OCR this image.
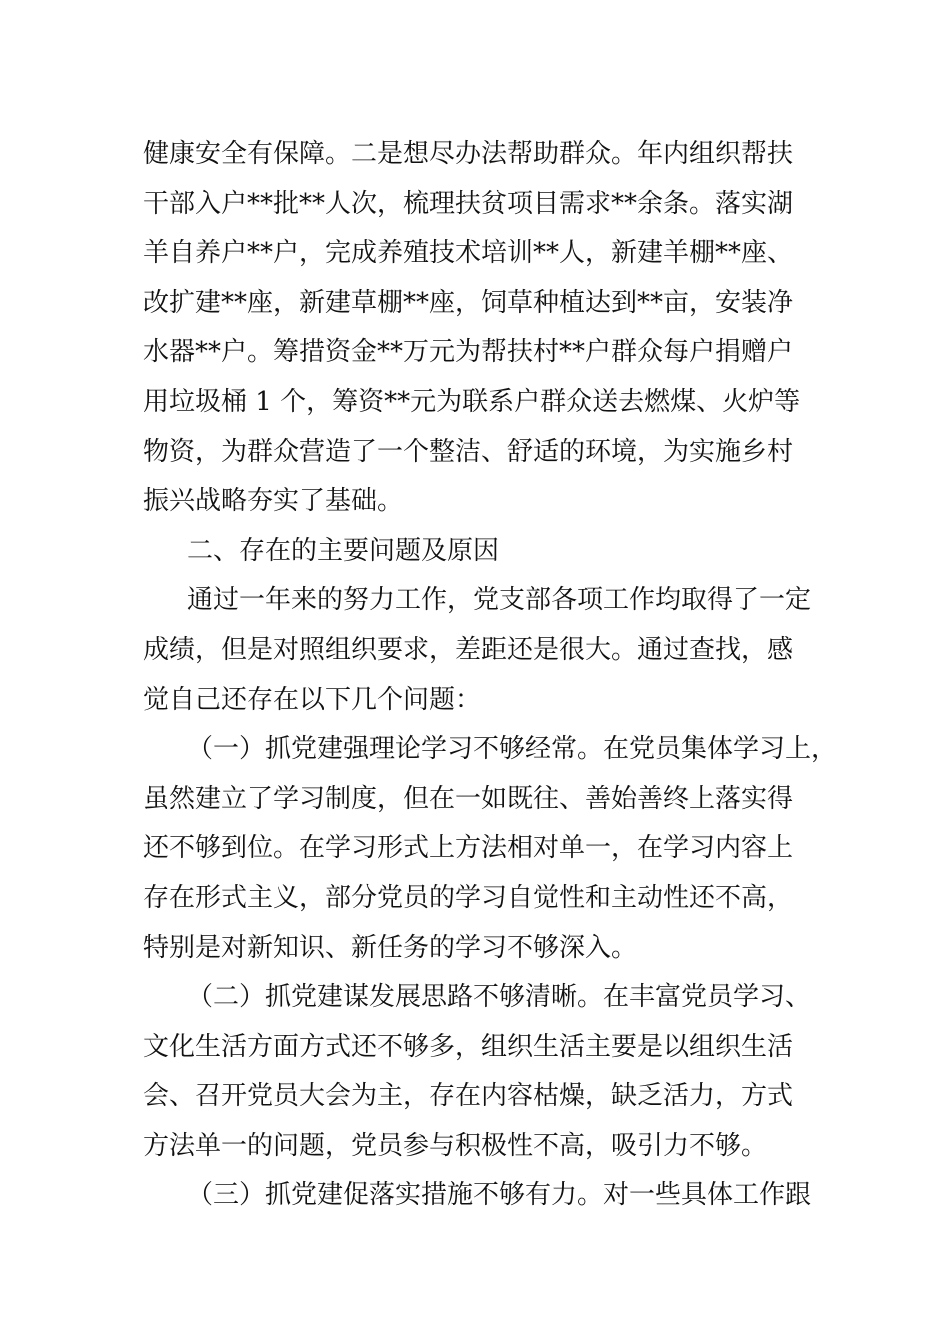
健康安全有保障。二是想尽办法帮助群众。年内组织帮扶
干部入户**批**人次，梳理扶贫项目需求**余条。落实湖
羊自养户**户，完成养殖技术培训**人，新建羊棚**座、
改扩建**座，新建草棚**座，饲草种植达到**亩，安装净
水器**户。筹措资金**万元为帮扶村**户群众每户捐赠户
用垃圾桶 1 个，筹资**元为联系户群众送去燃煤、火炉等
物资，为群众营造了一个整洁、舒适的环境，为实施乡村
振兴战略夯实了基础。
二、存在的主要问题及原因
通过一年来的努力工作，党支部各项工作均取得了一定
成绩，但是对照组织要求，差距还是很大。通过查找，感
觉自己还存在以下几个问题：
（一）抓党建强理论学习不够经常。在党员集体学习上，
虽然建立了学习制度，但在一如既往、善始善终上落实得
还不够到位。在学习形式上方法相对单一，在学习内容上
存在形式主义，部分党员的学习自觉性和主动性还不高，
特别是对新知识、新任务的学习不够深入。
（二）抓党建谋发展思路不够清晰。在丰富党员学习、
文化生活方面方式还不够多，组织生活主要是以组织生活
会、召开党员大会为主，存在内容枯燥，缺乏活力，方式
方法单一的问题，党员参与积极性不高，吸引力不够。
（三）抓党建促落实措施不够有力。对一些具体工作跟
